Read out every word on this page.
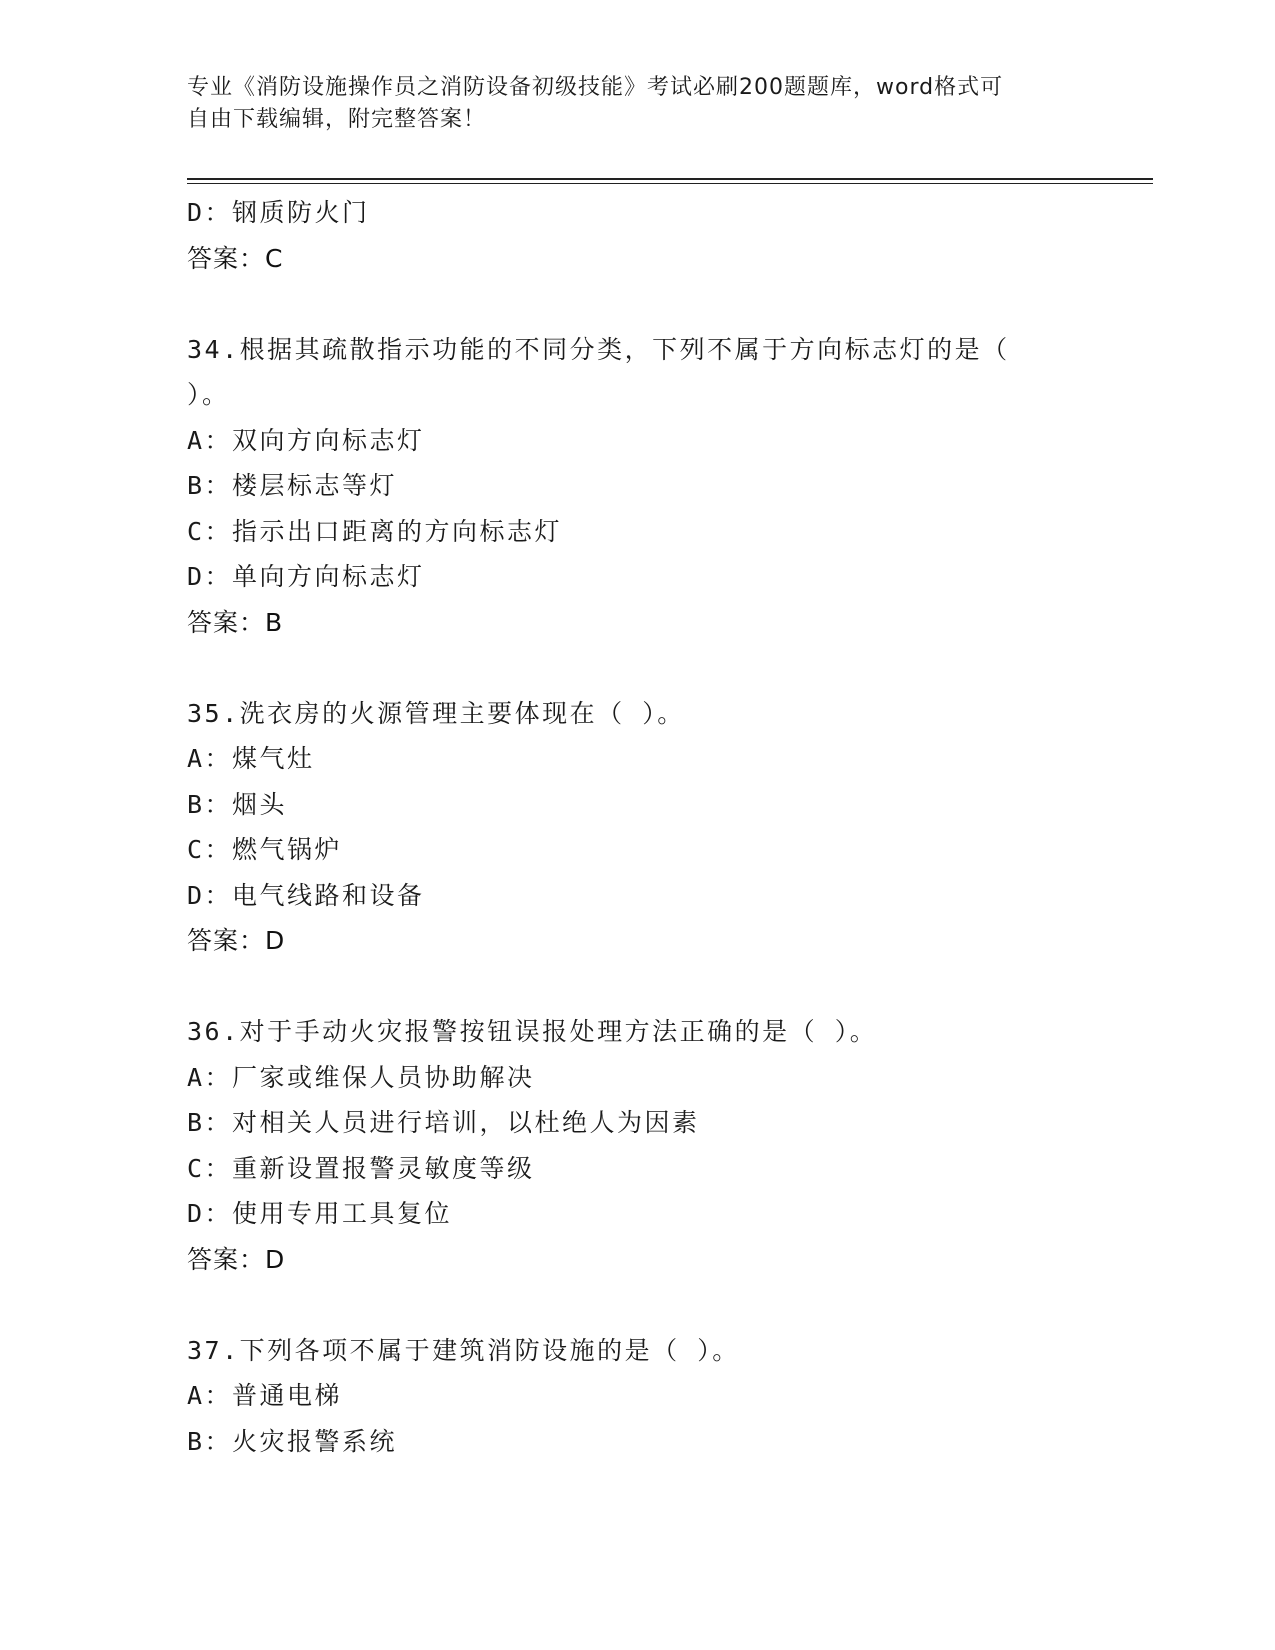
专业《消防设施操作员之消防设备初级技能》考试必刷200题题库，word格式可
自由下载编辑，附完整答案！
D：钢质防火门
答案：C
34.根据其疏散指示功能的不同分类，下列不属于方向标志灯的是（
）。
A：双向方向标志灯
B：楼层标志等灯
C：指示出口距离的方向标志灯
D：单向方向标志灯
答案：B
35.洗衣房的火源管理主要体现在（ ）。
A：煤气灶
B：烟头
C：燃气锅炉
D：电气线路和设备
答案：D
36.对于手动火灾报警按钮误报处理方法正确的是（ ）。
A：厂家或维保人员协助解决
B：对相关人员进行培训，以杜绝人为因素
C：重新设置报警灵敏度等级
D：使用专用工具复位
答案：D
37.下列各项不属于建筑消防设施的是（ ）。
A：普通电梯
B：火灾报警系统
